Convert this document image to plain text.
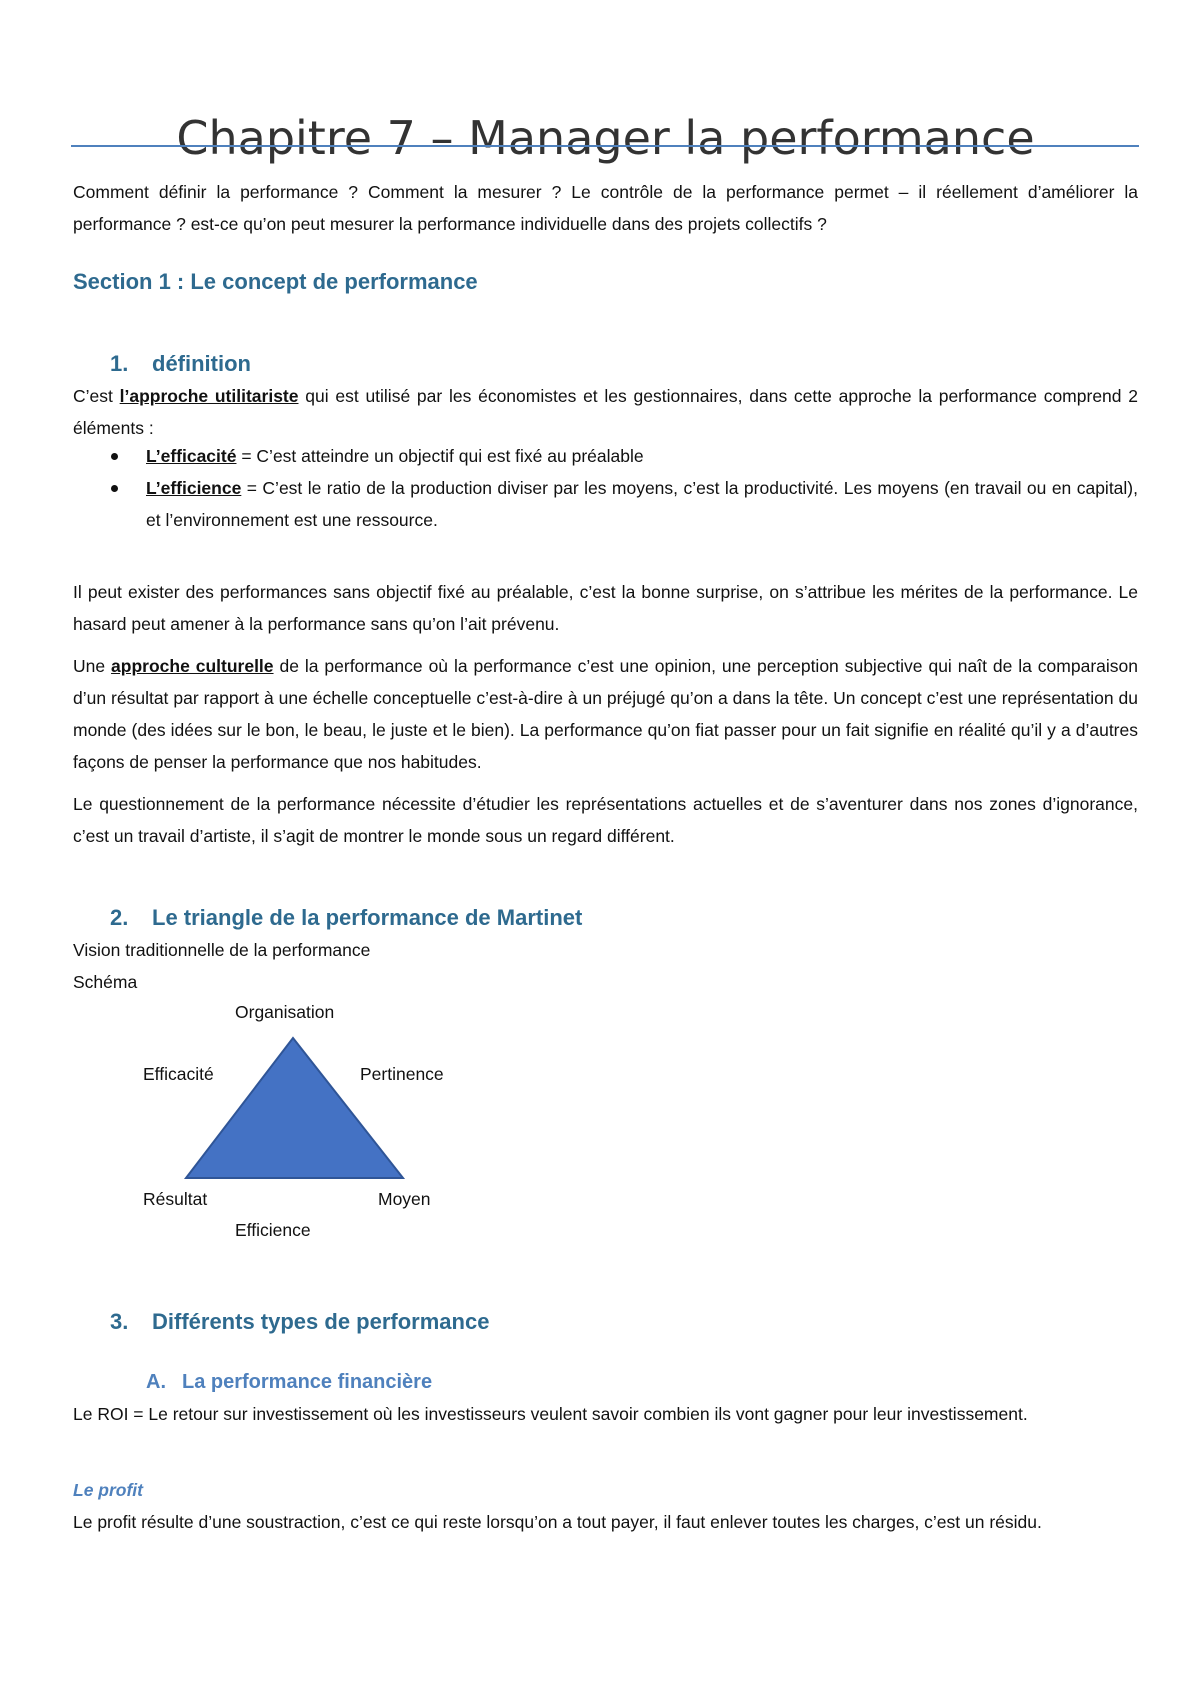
Chapitre 7 – Manager la performance

Comment définir la performance ? Comment la mesurer ? Le contrôle de la performance permet – il réellement d’améliorer la performance ? est-ce qu’on peut mesurer la performance individuelle dans des projets collectifs ?

Section 1 : Le concept de performance
1. définition

C’est l’approche utilitariste qui est utilisé par les économistes et les gestionnaires, dans cette approche la performance comprend 2 éléments :

L’efficacité = C’est atteindre un objectif qui est fixé au préalable
L’efficience = C’est le ratio de la production diviser par les moyens, c’est la productivité. Les moyens (en travail ou en capital), et l’environnement est une ressource.

Il peut exister des performances sans objectif fixé au préalable, c’est la bonne surprise, on s’attribue les mérites de la performance. Le hasard peut amener à la performance sans qu’on l’ait prévenu.

Une approche culturelle de la performance où la performance c’est une opinion, une perception subjective qui naît de la comparaison d’un résultat par rapport à une échelle conceptuelle c’est-à-dire à un préjugé qu’on a dans la tête. Un concept c’est une représentation du monde (des idées sur le bon, le beau, le juste et le bien). La performance qu’on fiat passer pour un fait signifie en réalité qu’il y a d’autres façons de penser la performance que nos habitudes.

Le questionnement de la performance nécessite d’étudier les représentations actuelles et de s’aventurer dans nos zones d’ignorance, c’est un travail d’artiste, il s’agit de montrer le monde sous un regard différent.

2. Le triangle de la performance de Martinet

Vision traditionnelle de la performance

Schéma

Organisation
Efficacité	Pertinence
Résultat	Moyen
Efficience
3. Différents types de performance
A. La performance financière

Le ROI = Le retour sur investissement où les investisseurs veulent savoir combien ils vont gagner pour leur investissement.

Le profit

Le profit résulte d’une soustraction, c’est ce qui reste lorsqu’on a tout payer, il faut enlever toutes les charges, c’est un résidu.
